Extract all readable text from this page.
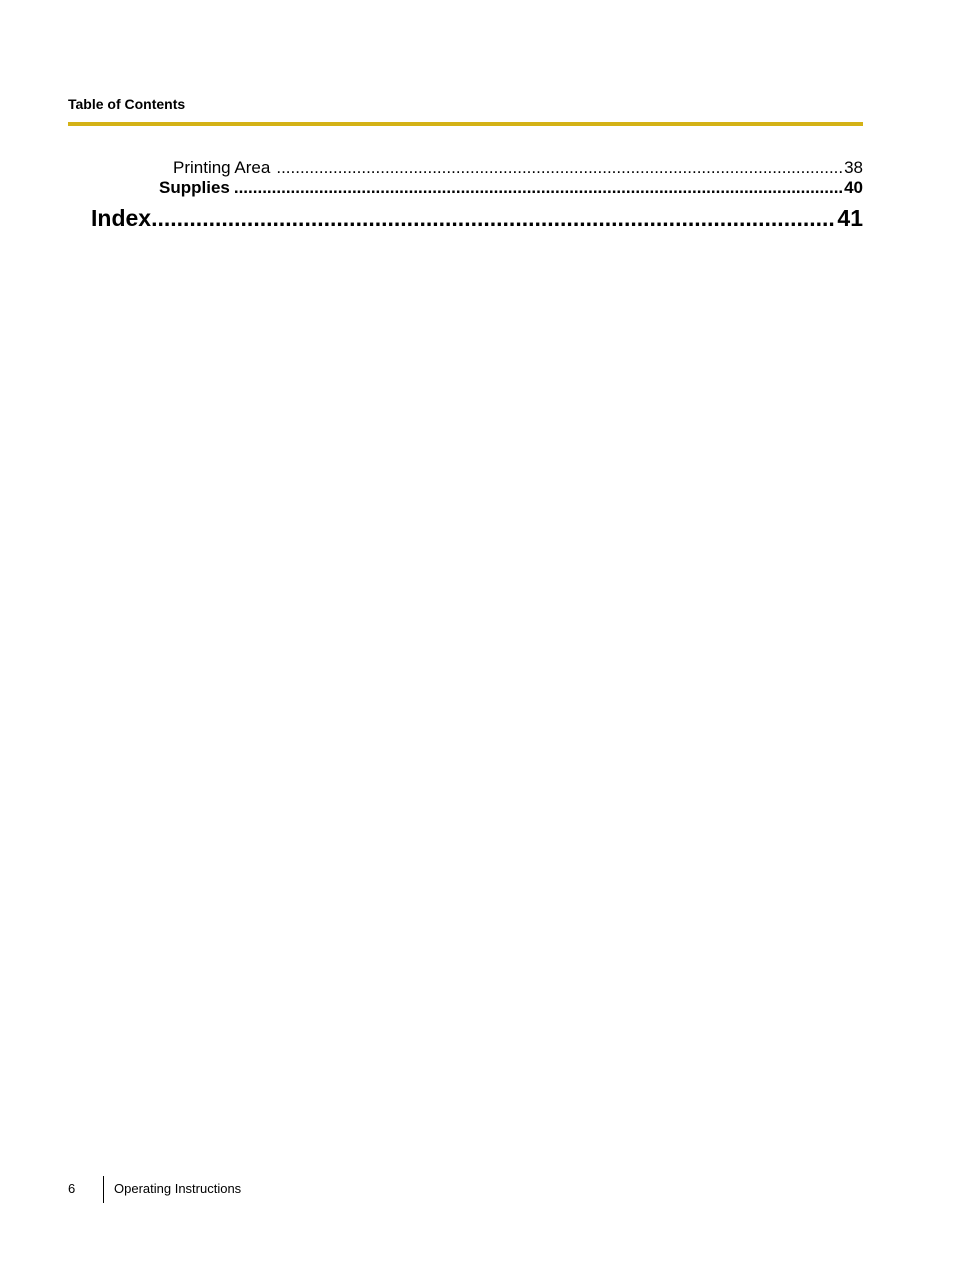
Table of Contents
Printing Area .....	38
Supplies .....	40
Index .....	41
6	Operating Instructions
